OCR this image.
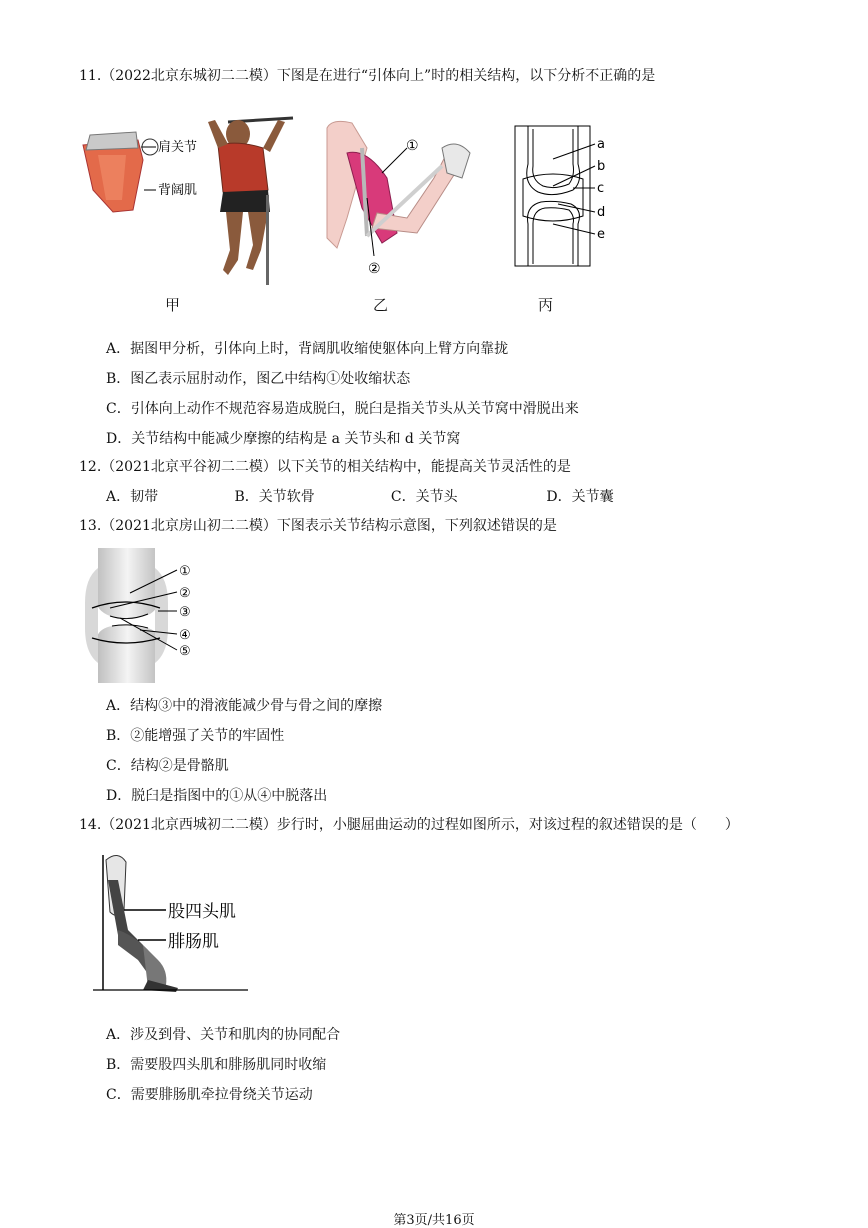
11.（2022北京东城初二二模）下图是在进行“引体向上”时的相关结构，以下分析不正确的是
肩关节
背阔肌
①
②
a
b
c
d
e
甲	乙	丙
A．据图甲分析，引体向上时，背阔肌收缩使躯体向上臂方向靠拢
B．图乙表示屈肘动作，图乙中结构①处收缩状态
C．引体向上动作不规范容易造成脱臼，脱臼是指关节头从关节窝中滑脱出来
D．关节结构中能减少摩擦的结构是 a 关节头和 d 关节窝
12.（2021北京平谷初二二模）以下关节的相关结构中，能提高关节灵活性的是
A．韧带	B．关节软骨	C．关节头	D．关节囊
13.（2021北京房山初二二模）下图表示关节结构示意图，下列叙述错误的是
①
②
③
④
⑤
A．结构③中的滑液能减少骨与骨之间的摩擦
B．②能增强了关节的牢固性
C．结构②是骨骼肌
D．脱臼是指图中的①从④中脱落出
14.（2021北京西城初二二模）步行时，小腿屈曲运动的过程如图所示，对该过程的叙述错误的是（　　）
股四头肌
腓肠肌
A．涉及到骨、关节和肌肉的协同配合
B．需要股四头肌和腓肠肌同时收缩
C．需要腓肠肌牵拉骨绕关节运动
第3页/共16页
